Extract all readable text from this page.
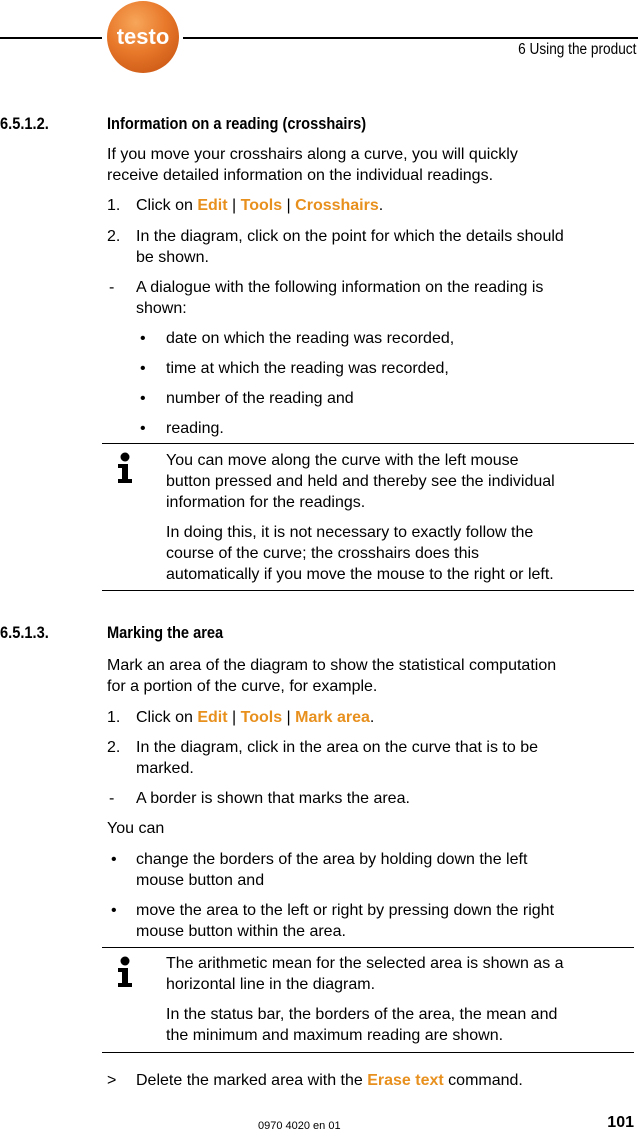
testo
6 Using the product
6.5.1.2.	Information on a reading (crosshairs)
If you move your crosshairs along a curve, you will quickly
receive detailed information on the individual readings.
1. Click on Edit | Tools | Crosshairs.
2. In the diagram, click on the point for which the details should
be shown.
- A dialogue with the following information on the reading is
shown:
• date on which the reading was recorded,
• time at which the reading was recorded,
• number of the reading and
• reading.
You can move along the curve with the left mouse
button pressed and held and thereby see the individual
information for the readings.
In doing this, it is not necessary to exactly follow the
course of the curve; the crosshairs does this
automatically if you move the mouse to the right or left.
6.5.1.3.	Marking the area
Mark an area of the diagram to show the statistical computation
for a portion of the curve, for example.
1. Click on Edit | Tools | Mark area.
2. In the diagram, click in the area on the curve that is to be
marked.
- A border is shown that marks the area.
You can
• change the borders of the area by holding down the left
mouse button and
• move the area to the left or right by pressing down the right
mouse button within the area.
The arithmetic mean for the selected area is shown as a
horizontal line in the diagram.
In the status bar, the borders of the area, the mean and
the minimum and maximum reading are shown.
> Delete the marked area with the Erase text command.
0970 4020 en 01	101
